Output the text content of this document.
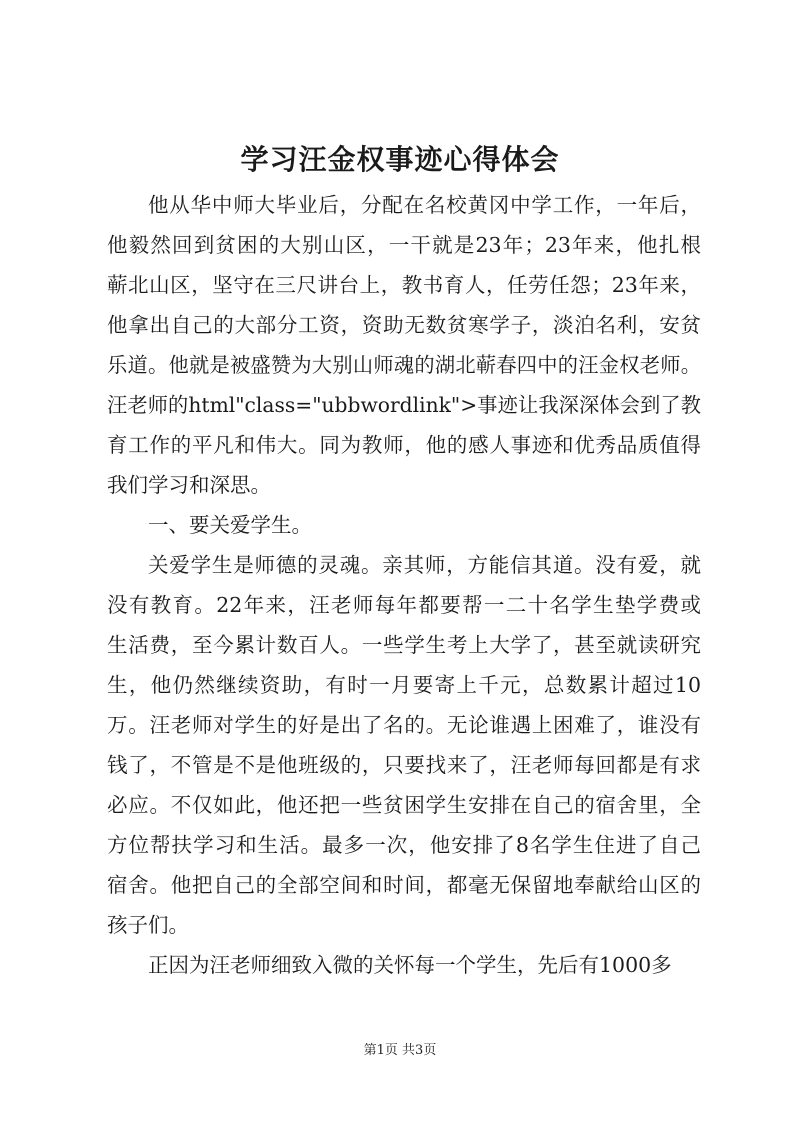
学习汪金权事迹心得体会
他从华中师大毕业后，分配在名校黄冈中学工作，一年后，
他毅然回到贫困的大别山区，一干就是23年；23年来，他扎根
蕲北山区，坚守在三尺讲台上，教书育人，任劳任怨；23年来，
他拿出自己的大部分工资，资助无数贫寒学子，淡泊名利，安贫
乐道。他就是被盛赞为大别山师魂的湖北蕲春四中的汪金权老师。
汪老师的html"class="ubbwordlink">事迹让我深深体会到了教
育工作的平凡和伟大。同为教师，他的感人事迹和优秀品质值得
我们学习和深思。
一、要关爱学生。
关爱学生是师德的灵魂。亲其师，方能信其道。没有爱，就
没有教育。22年来，汪老师每年都要帮一二十名学生垫学费或
生活费，至今累计数百人。一些学生考上大学了，甚至就读研究
生，他仍然继续资助，有时一月要寄上千元，总数累计超过10
万。汪老师对学生的好是出了名的。无论谁遇上困难了，谁没有
钱了，不管是不是他班级的，只要找来了，汪老师每回都是有求
必应。不仅如此，他还把一些贫困学生安排在自己的宿舍里，全
方位帮扶学习和生活。最多一次，他安排了8名学生住进了自己
宿舍。他把自己的全部空间和时间，都毫无保留地奉献给山区的
孩子们。
正因为汪老师细致入微的关怀每一个学生，先后有1000多
第1页 共3页
